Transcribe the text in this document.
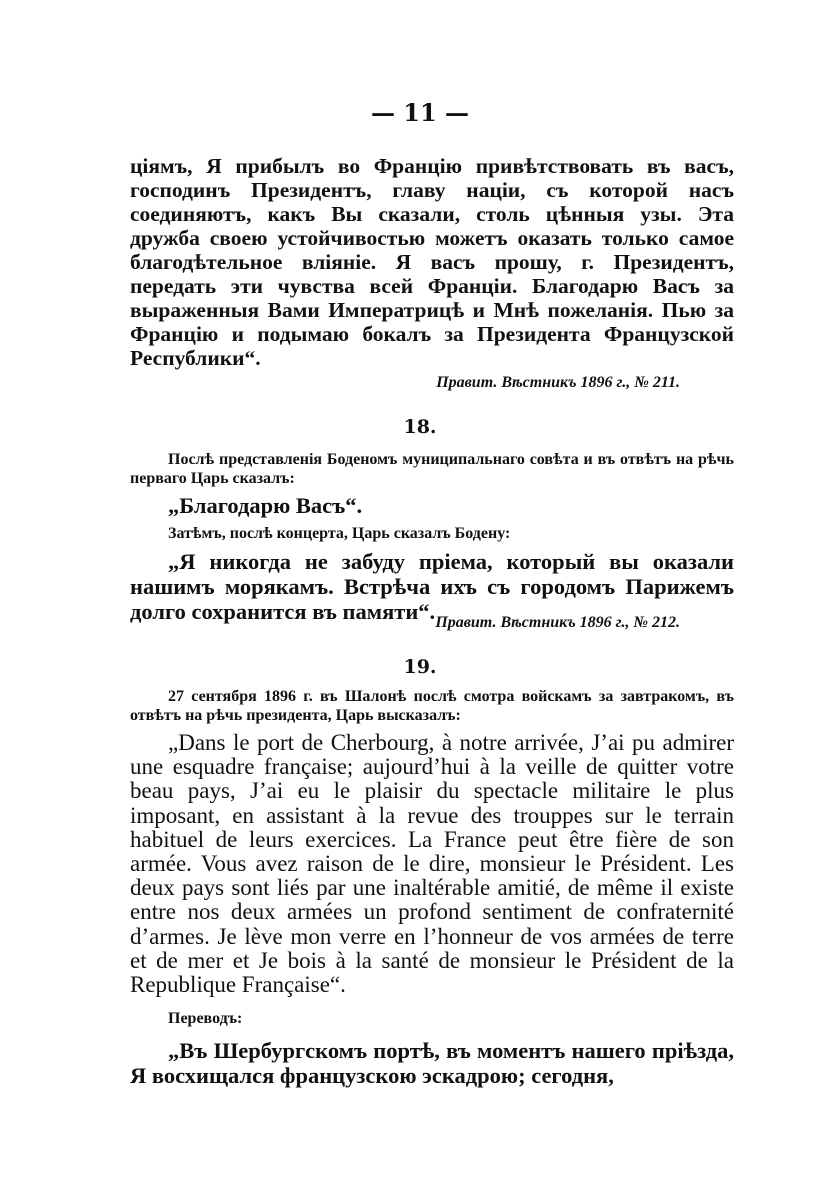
— 11 —

ціямъ, Я прибылъ во Францію привѣтствовать въ васъ, господинъ Президентъ, главу націи, съ которой насъ соединяютъ, какъ Вы сказали, столь цѣнныя узы. Эта дружба своею устойчивостью можетъ оказать только самое благодѣтельное вліяніе. Я васъ прошу, г. Президентъ, передать эти чувства всей Франціи. Благодарю Васъ за выраженныя Вами Императрицѣ и Мнѣ пожеланія. Пью за Францію и подымаю бокалъ за Президента Французской Республики“.

Правит. Вѣстникъ 1896 г., № 211.
18.

Послѣ представленія Боденомъ муниципальнаго совѣта и въ отвѣтъ на рѣчь перваго Царь сказалъ:

„Благодарю Васъ“.

Затѣмъ, послѣ концерта, Царь сказалъ Бодену:

„Я никогда не забуду пріема, который вы оказали нашимъ морякамъ. Встрѣча ихъ съ городомъ Парижемъ долго сохранится въ памяти“. Правит. Вѣстникъ 1896 г., № 212.
19.

27 сентября 1896 г. въ Шалонѣ послѣ смотра войскамъ за завтракомъ, въ отвѣтъ на рѣчь президента, Царь высказалъ:

„Dans le port de Cherbourg, à notre arrivée, J’ai pu admirer une esquadre française; aujourd’hui à la veille de quitter votre beau pays, J’ai eu le plaisir du spectacle militaire le plus imposant, en assistant à la revue des trouppes sur le terrain habituel de leurs exercices. La France peut être fière de son armée. Vous avez raison de le dire, monsieur le Président. Les deux pays sont liés par une inaltérable amitié, de même il existe entre nos deux armées un profond sentiment de confraternité d’armes. Je lève mon verre en l’honneur de vos armées de terre et de mer et Je bois à la santé de monsieur le Président de la Republique Française“.

Переводъ:

„Въ Шербургскомъ портѣ, въ моментъ нашего пріѣзда, Я восхищался французскою эскадрою; сегодня,
